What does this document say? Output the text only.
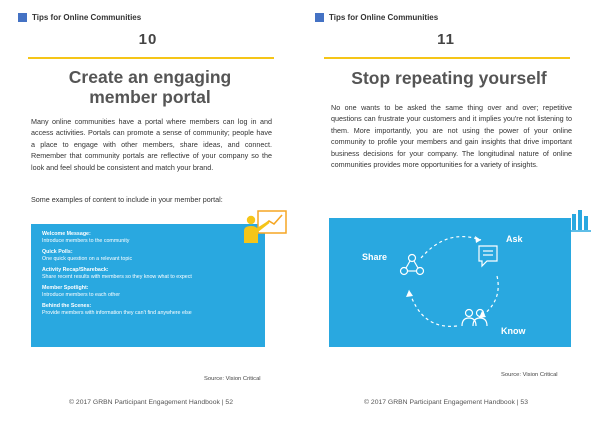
Tips for Online Communities
10
Create an engaging
member portal
Many online communities have a portal where members can log in and access activities. Portals can promote a sense of community; people have a place to engage with other members, share ideas, and connect. Remember that community portals are reflective of your company so the look and feel should be consistent and match your brand.
Some examples of content to include in your member portal:
Welcome Message:
Introduce members to the community
Quick Polls:
One quick question on a relevant topic
Activity Recap/Shareback:
Share recent results with members so they know what to expect
Member Spotlight:
Introduce members to each other
Behind the Scenes:
Provide members with information they can't find anywhere else
Source: Vision Critical
© 2017 GRBN Participant Engagement Handbook | 52
Tips for Online Communities
11
Stop repeating yourself
No one wants to be asked the same thing over and over; repetitive questions can frustrate your customers and it implies you're not listening to them. More importantly, you are not using the power of your online community to profile your members and gain insights that drive important business decisions for your company. The longitudinal nature of online communities provides more opportunities for a variety of insights.
Share
Ask
Know
Source: Vision Critical
© 2017 GRBN Participant Engagement Handbook | 53
